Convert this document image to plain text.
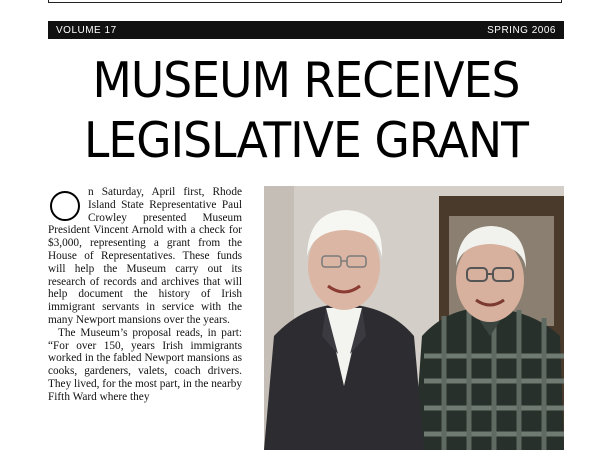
VOLUME 17	SPRING 2006
MUSEUM RECEIVES
LEGISLATIVE GRANT

n Saturday, April first, Rhode Island State Representative Paul Crowley presented Museum President Vincent Arnold with a check for $3,000, representing a grant from the House of Representatives. These funds will help the Museum carry out its research of records and archives that will help document the history of Irish immigrant servants in service with the many Newport mansions over the years.

The Museum’s proposal reads, in part: “For over 150, years Irish immigrants worked in the fabled Newport mansions as cooks, gardeners, valets, coach drivers. They lived, for the most part, in the nearby Fifth Ward where they
